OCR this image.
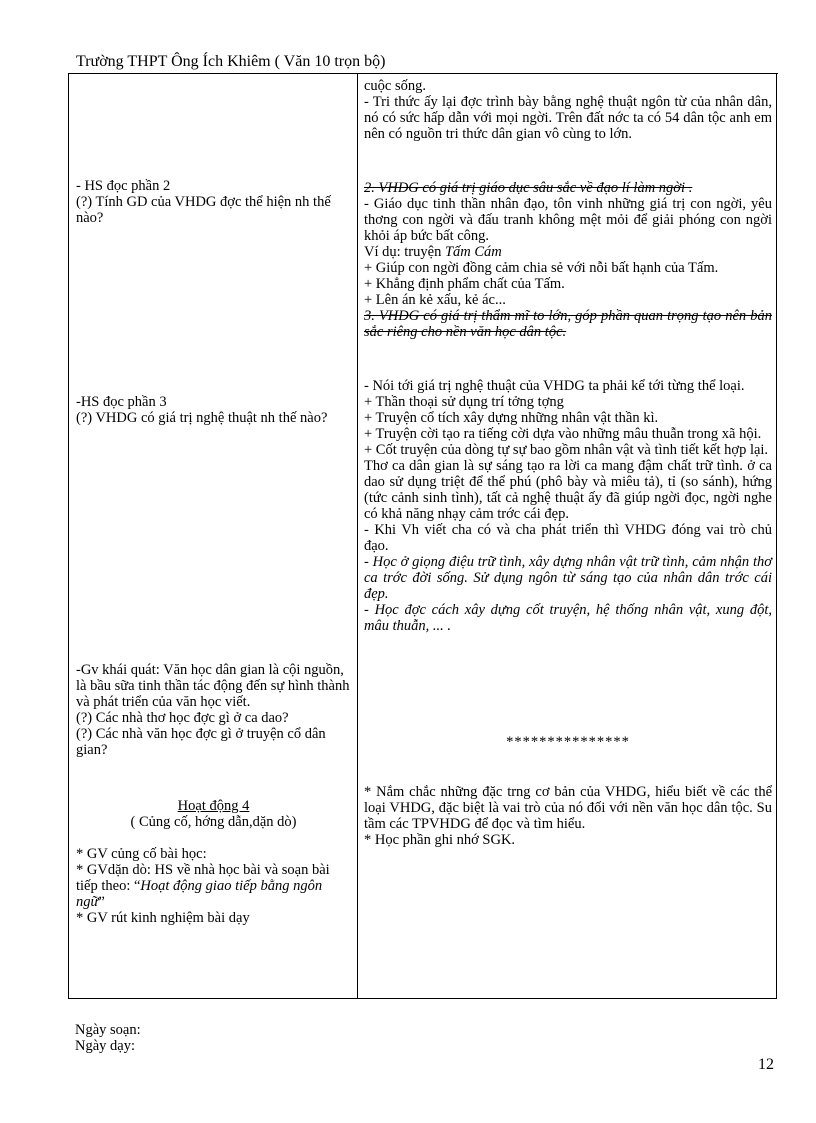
Trường THPT Ông Ích Khiêm ( Văn 10 trọn bộ)

- HS đọc phần 2

(?) Tính GD của VHDG đợc thể hiện nh thế nào?

-HS đọc phần 3

(?) VHDG có giá trị nghệ thuật nh thế nào?

-Gv khái quát: Văn học dân gian là cội nguồn, là bầu sữa tinh thần tác động đến sự hình thành và phát triển của văn học viết.

(?) Các nhà thơ học đợc gì ở ca dao?

(?) Các nhà văn học đợc gì ở truyện cổ dân gian?

Hoạt động 4

( Củng cố, hớng dẫn,dặn dò)

* GV củng cố bài học:

* GVdặn dò: HS về nhà học bài và soạn bài tiếp theo: “Hoạt động giao tiếp bằng ngôn ngữ”

* GV rút kinh nghiệm bài dạy

cuộc sống.

- Tri thức ấy lại đợc trình bày bằng nghệ thuật ngôn từ của nhân dân, nó có sức hấp dẫn với mọi ngời. Trên đất nớc ta có 54 dân tộc anh em nên có nguồn tri thức dân gian vô cùng to lớn.

2. VHDG có giá trị giáo dục sâu sắc về đạo lí làm ngời .

- Giáo dục tinh thần nhân đạo, tôn vinh những giá trị con ngời, yêu thơng con ngời và đấu tranh không mệt mỏi để giải phóng con ngời khỏi áp bức bất công.

Ví dụ: truyện Tấm Cám

+ Giúp con ngời đồng cảm chia sẻ với nỗi bất hạnh của Tấm.

+ Khẳng định phẩm chất của Tấm.

+ Lên án kẻ xấu, kẻ ác...

3. VHDG có giá trị thẩm mĩ to lớn, góp phần quan trọng tạo nên bản sắc riêng cho nền văn học dân tộc.

- Nói tới giá trị nghệ thuật của VHDG ta phải kể tới từng thể loại.

+ Thần thoại sử dụng trí tởng tợng

+ Truyện cổ tích xây dựng những nhân vật thần kì.

+ Truyện cời tạo ra tiếng cời dựa vào những mâu thuẫn trong xã hội.

+ Cốt truyện của dòng tự sự bao gồm nhân vật và tình tiết kết hợp lại.

Thơ ca dân gian là sự sáng tạo ra lời ca mang đậm chất trữ tình. ở ca dao sử dụng triệt để thể phú (phô bày và miêu tả), tỉ (so sánh), hứng (tức cảnh sinh tình), tất cả nghệ thuật ấy đã giúp ngời đọc, ngời nghe có khả năng nhạy cảm trớc cái đẹp.

- Khi Vh viết cha có và cha phát triển thì VHDG đóng vai trò chủ đạo.

- Học ở giọng điệu trữ tình, xây dựng nhân vật trữ tình, cảm nhận thơ ca trớc đời sống. Sử dụng ngôn từ sáng tạo của nhân dân trớc cái đẹp.

- Học đợc cách xây dựng cốt truyện, hệ thống nhân vật, xung đột, mâu thuẫn, ... .

***************

* Nắm chắc những đặc trng cơ bản của VHDG, hiểu biết về các thể loại VHDG, đặc biệt là vai trò của nó đối với nền văn học dân tộc. Su tầm các TPVHDG để đọc và tìm hiểu.

* Học phần ghi nhớ SGK.

Ngày soạn:

Ngày dạy:

12
